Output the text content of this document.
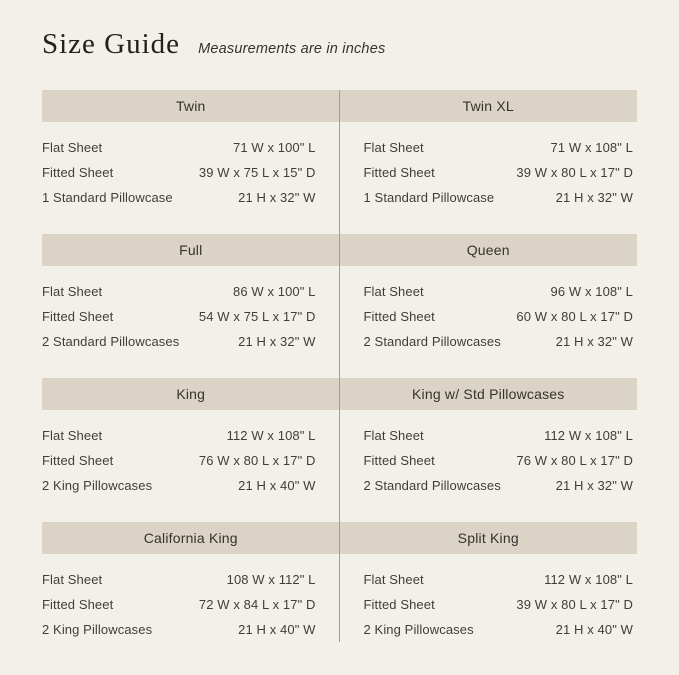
Size Guide Measurements are in inches
Twin
Flat Sheet	71 W x 100" L
Fitted Sheet	39 W x 75 L x 15" D
1 Standard Pillowcase	21 H x 32" W
Twin XL
Flat Sheet	71 W x 108" L
Fitted Sheet	39 W x 80 L x 17" D
1 Standard Pillowcase	21 H x 32" W
Full
Flat Sheet	86 W x 100" L
Fitted Sheet	54 W x 75 L x 17" D
2 Standard Pillowcases	21 H x 32" W
Queen
Flat Sheet	96 W x 108" L
Fitted Sheet	60 W x 80 L x 17" D
2 Standard Pillowcases	21 H x 32" W
King
Flat Sheet	112 W x 108" L
Fitted Sheet	76 W x 80 L x 17" D
2 King Pillowcases	21 H x 40" W
King w/ Std Pillowcases
Flat Sheet	112 W x 108" L
Fitted Sheet	76 W x 80 L x 17" D
2 Standard Pillowcases	21 H x 32" W
California King
Flat Sheet	108 W x 112" L
Fitted Sheet	72 W x 84 L x 17" D
2 King Pillowcases	21 H x 40" W
Split King
Flat Sheet	112 W x 108" L
Fitted Sheet	39 W x 80 L x 17" D
2 King Pillowcases	21 H x 40" W
